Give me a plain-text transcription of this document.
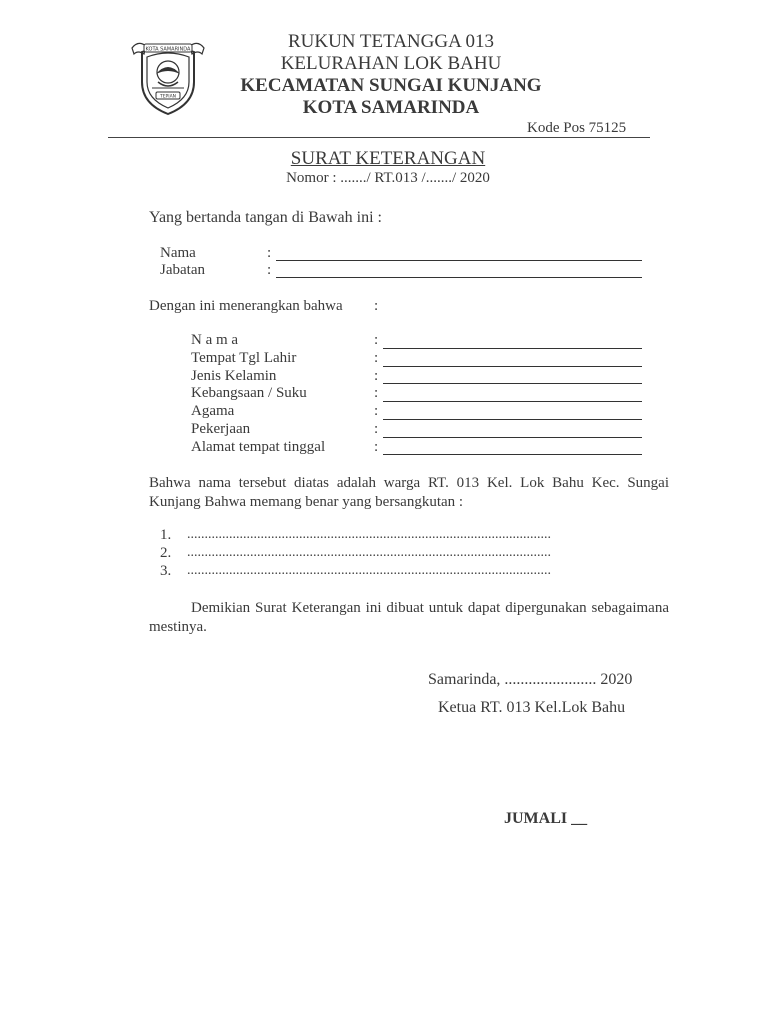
KOTA SAMARINDA
TEPIAN
RUKUN TETANGGA 013
KELURAHAN LOK BAHU
KECAMATAN SUNGAI KUNJANG
KOTA SAMARINDA
Kode Pos 75125
SURAT KETERANGAN
Nomor : ......./ RT.013 /......./ 2020
Yang bertanda tangan di Bawah ini :
Nama	:
Jabatan	:
Dengan ini menerangkan bahwa :
N a m a	:
Tempat Tgl Lahir	:
Jenis Kelamin	:
Kebangsaan / Suku	:
Agama	:
Pekerjaan	:
Alamat tempat tinggal	:
Bahwa nama tersebut diatas adalah warga RT. 013 Kel. Lok Bahu Kec. Sungai Kunjang Bahwa memang benar yang bersangkutan :
1. ........................................................................................................
2. ........................................................................................................
3. ........................................................................................................
Demikian Surat Keterangan ini dibuat untuk dapat dipergunakan sebagaimana mestinya.
Samarinda, ....................... 2020
Ketua RT. 013 Kel.Lok Bahu
JUMALI __
